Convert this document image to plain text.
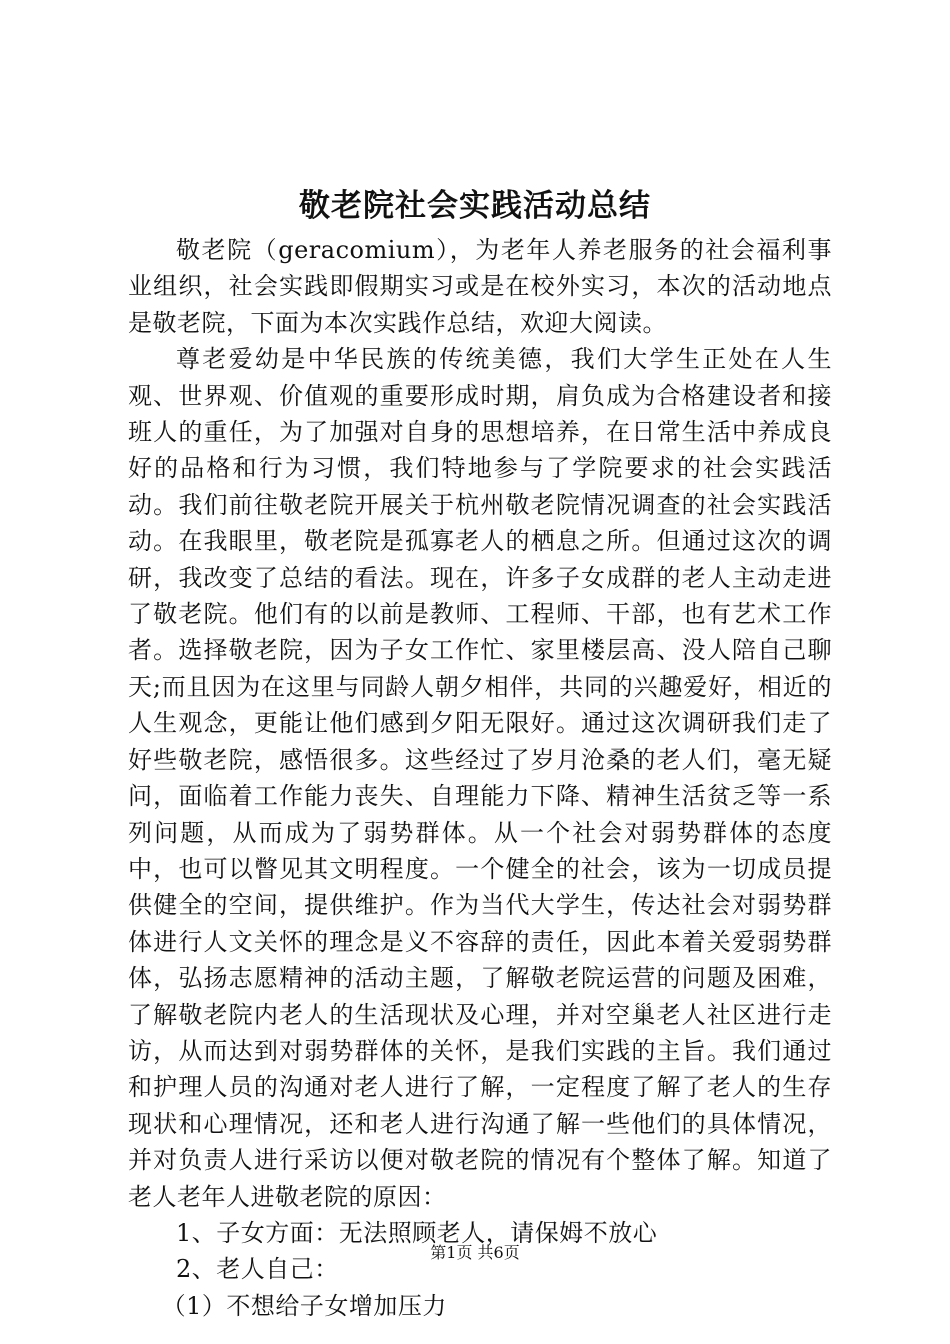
敬老院社会实践活动总结

敬老院（geracomium），为老年人养老服务的社会福利事业组织，社会实践即假期实习或是在校外实习，本次的活动地点是敬老院，下面为本次实践作总结，欢迎大阅读。

尊老爱幼是中华民族的传统美德，我们大学生正处在人生观、世界观、价值观的重要形成时期，肩负成为合格建设者和接班人的重任，为了加强对自身的思想培养，在日常生活中养成良好的品格和行为习惯，我们特地参与了学院要求的社会实践活动。我们前往敬老院开展关于杭州敬老院情况调查的社会实践活动。在我眼里，敬老院是孤寡老人的栖息之所。但通过这次的调研，我改变了总结的看法。现在，许多子女成群的老人主动走进了敬老院。他们有的以前是教师、工程师、干部，也有艺术工作者。选择敬老院，因为子女工作忙、家里楼层高、没人陪自己聊天;而且因为在这里与同龄人朝夕相伴，共同的兴趣爱好，相近的人生观念，更能让他们感到夕阳无限好。通过这次调研我们走了好些敬老院，感悟很多。这些经过了岁月沧桑的老人们，毫无疑问，面临着工作能力丧失、自理能力下降、精神生活贫乏等一系列问题，从而成为了弱势群体。从一个社会对弱势群体的态度中，也可以瞥见其文明程度。一个健全的社会，该为一切成员提供健全的空间，提供维护。作为当代大学生，传达社会对弱势群体进行人文关怀的理念是义不容辞的责任，因此本着关爱弱势群体，弘扬志愿精神的活动主题，了解敬老院运营的问题及困难，了解敬老院内老人的生活现状及心理，并对空巢老人社区进行走访，从而达到对弱势群体的关怀，是我们实践的主旨。我们通过和护理人员的沟通对老人进行了解，一定程度了解了老人的生存现状和心理情况，还和老人进行沟通了解一些他们的具体情况，并对负责人进行采访以便对敬老院的情况有个整体了解。知道了老人老年人进敬老院的原因：

1、子女方面：无法照顾老人，请保姆不放心

2、老人自己：

（1）不想给子女增加压力

第1页 共6页
